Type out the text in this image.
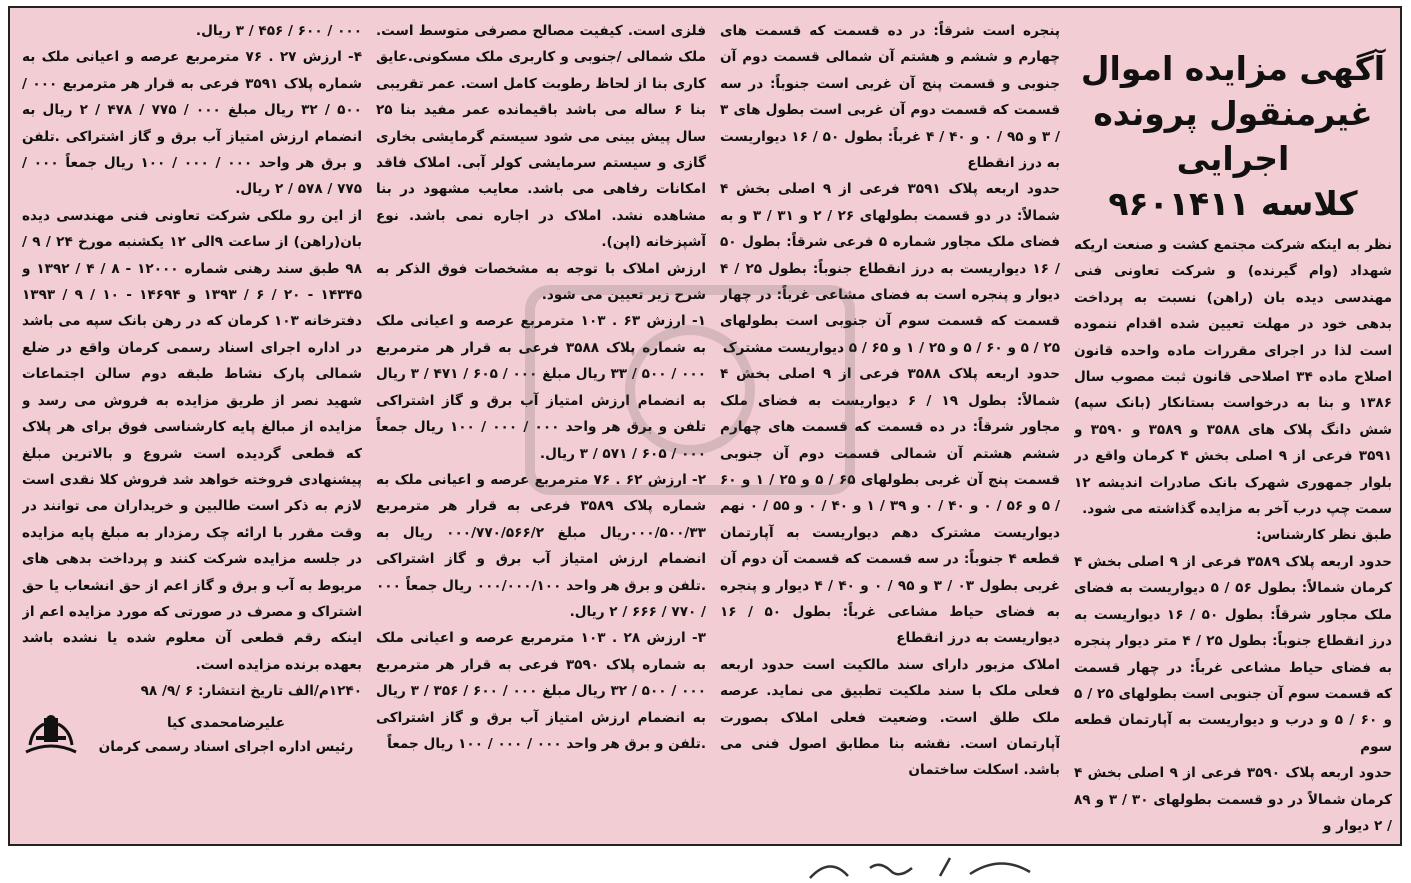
آگهی مزایده اموال
غیرمنقول پرونده اجرایی
کلاسه ۹۶۰۱۴۱۱

نظر به اینکه شرکت مجتمع کشت و صنعت اریکه شهداد (وام گیرنده) و شرکت تعاونی فنی مهندسی دیده بان (راهن) نسبت به پرداخت بدهی خود در مهلت تعیین شده اقدام ننموده است لذا در اجرای مقررات ماده واحده قانون اصلاح ماده ۳۴ اصلاحی قانون ثبت مصوب سال ۱۳۸۶ و بنا به درخواست بستانکار (بانک سپه) شش دانگ پلاک های ۳۵۸۸ و ۳۵۸۹ و ۳۵۹۰ و ۳۵۹۱ فرعی از ۹ اصلی بخش ۴ کرمان واقع در بلوار جمهوری شهرک بانک صادرات اندیشه ۱۲ سمت چپ درب آخر به مزایده گذاشته می شود.

طبق نظر کارشناس:

حدود اربعه پلاک ۳۵۸۹ فرعی از ۹ اصلی بخش ۴ کرمان شمالاً: بطول ۵۶ / ۵ دیواریست به فضای ملک مجاور شرقاً: بطول ۵۰ / ۱۶ دیواریست به درز انقطاع جنوباً: بطول ۲۵ / ۴ متر دیوار پنجره به فضای حیاط مشاعی غرباً: در چهار قسمت که قسمت سوم آن جنوبی است بطولهای ۲۵ / ۵ و ۶۰ / ۵ و درب و دیواریست به آپارتمان قطعه سوم

حدود اربعه پلاک ۳۵۹۰ فرعی از ۹ اصلی بخش ۴ کرمان شمالاً در دو قسمت بطولهای ۳۰ / ۳ و ۸۹ / ۲ دیوار و

پنجره است شرقاً: در ده قسمت که قسمت های چهارم و ششم و هشتم آن شمالی قسمت دوم آن جنوبی و قسمت پنج آن غربی است جنوباً: در سه قسمت که قسمت دوم آن غربی است بطول های ۳ / ۳ و ۹۵ / ۰ و ۴۰ / ۴ غرباً: بطول ۵۰ / ۱۶ دیواریست به درز انقطاع

حدود اربعه پلاک ۳۵۹۱ فرعی از ۹ اصلی بخش ۴ شمالاً: در دو قسمت بطولهای ۲۶ / ۲ و ۳۱ / ۳ و به فضای ملک مجاور شماره ۵ فرعی شرقاً: بطول ۵۰ / ۱۶ دیواریست به درز انقطاع جنوباً: بطول ۲۵ / ۴ دیوار و پنجره است به فضای مشاعی غرباً: در چهار قسمت که قسمت سوم آن جنوبی است بطولهای ۲۵ / ۵ و ۶۰ / ۵ و ۲۵ / ۱ و ۶۵ / ۵ دیواریست مشترک

حدود اربعه پلاک ۳۵۸۸ فرعی از ۹ اصلی بخش ۴ شمالاً: بطول ۱۹ / ۶ دیواریست به فضای ملک مجاور شرقاً: در ده قسمت که قسمت های چهارم ششم هشتم آن شمالی قسمت دوم آن جنوبی قسمت پنج آن غربی بطولهای ۶۵ / ۵ و ۲۵ / ۱ و ۶۰ / ۵ و ۵۶ / ۰ و ۴۰ / ۰ و ۳۹ / ۱ و ۴۰ / ۰ و ۵۵ / ۰ نهم دیواریست مشترک دهم دیواریست به آپارتمان قطعه ۴ جنوباً: در سه قسمت که قسمت آن دوم آن غربی بطول ۰۳ / ۳ و ۹۵ / ۰ و ۴۰ / ۴ دیوار و پنجره به فضای حیاط مشاعی غرباً: بطول ۵۰ / ۱۶ دیواریست به درز انقطاع

املاک مزبور دارای سند مالکیت است حدود اربعه فعلی ملک با سند ملکیت تطبیق می نماید. عرصه ملک طلق است. وضعیت فعلی املاک بصورت آپارتمان است. نقشه بنا مطابق اصول فنی می باشد. اسکلت ساختمان

فلزی است. کیفیت مصالح مصرفی متوسط است. ملک شمالی /جنوبی و کاربری ملک مسکونی.عایق کاری بنا از لحاظ رطوبت کامل است. عمر تقریبی بنا ۶ ساله می باشد باقیمانده عمر مفید بنا ۲۵ سال پیش بینی می شود سیستم گرمایشی بخاری گازی و سیستم سرمایشی کولر آبی. املاک فاقد امکانات رفاهی می باشد. معایب مشهود در بنا مشاهده نشد. املاک در اجاره نمی باشد. نوع آشپزخانه (اپن).

ارزش املاک با توجه به مشخصات فوق الذکر به شرح زیر تعیین می شود.

۱- ارزش ۶۳ . ۱۰۳ مترمربع عرصه و اعیانی ملک به شماره پلاک ۳۵۸۸ فرعی به قرار هر مترمربع ۰۰۰ / ۵۰۰ / ۳۳ ریال مبلغ ۰۰۰ / ۶۰۵ / ۴۷۱ / ۳ ریال به انضمام ارزش امتیاز آب برق و گاز اشتراکی تلفن و برق هر واحد ۰۰۰ / ۰۰۰ / ۱۰۰ ریال جمعاً ۰۰۰ / ۶۰۵ / ۵۷۱ / ۳ ریال.

۲- ارزش ۶۲ . ۷۶ مترمربع عرصه و اعیانی ملک به شماره پلاک ۳۵۸۹ فرعی به قرار هر مترمربع ۰۰۰/۵۰۰/۳۳ریال مبلغ ۰۰۰/۷۷۰/۵۶۶/۲ ریال به انضمام ارزش امتیاز آب برق و گاز اشتراکی .تلفن و برق هر واحد ۰۰۰/۰۰۰/۱۰۰ ریال جمعاً ۰۰۰ / ۷۷۰ / ۶۶۶ / ۲ ریال.

۳- ارزش ۲۸ . ۱۰۳ مترمربع عرصه و اعیانی ملک به شماره پلاک ۳۵۹۰ فرعی به قرار هر مترمربع ۰۰۰ / ۵۰۰ / ۳۲ ریال مبلغ ۰۰۰ / ۶۰۰ / ۳۵۶ / ۳ ریال به انضمام ارزش امتیاز آب برق و گاز اشتراکی .تلفن و برق هر واحد ۰۰۰ / ۰۰۰ / ۱۰۰ ریال جمعاً

۰۰۰ / ۶۰۰ / ۴۵۶ / ۳ ریال.

۴- ارزش ۲۷ . ۷۶ مترمربع عرصه و اعیانی ملک به شماره پلاک ۳۵۹۱ فرعی به قرار هر مترمربع ۰۰۰ / ۵۰۰ / ۳۲ ریال مبلغ ۰۰۰ / ۷۷۵ / ۴۷۸ / ۲ ریال به انضمام ارزش امتیاز آب برق و گاز اشتراکی .تلفن و برق هر واحد ۰۰۰ / ۰۰۰ / ۱۰۰ ریال جمعاً ۰۰۰ / ۷۷۵ / ۵۷۸ / ۲ ریال.

از این رو ملکی شرکت تعاونی فنی مهندسی دیده بان(راهن) از ساعت ۹الی ۱۲ یکشنبه مورخ ۲۴ / ۹ / ۹۸ طبق سند رهنی شماره ۱۲۰۰۰ - ۸ / ۴ / ۱۳۹۲ و ۱۴۳۴۵ - ۲۰ / ۶ / ۱۳۹۳ و ۱۴۶۹۴ - ۱۰ / ۹ / ۱۳۹۳ دفترخانه ۱۰۳ کرمان که در رهن بانک سپه می باشد در اداره اجرای اسناد رسمی کرمان واقع در ضلع شمالی پارک نشاط طبقه دوم سالن اجتماعات شهید نصر از طریق مزایده به فروش می رسد و مزایده از مبالغ پایه کارشناسی فوق برای هر پلاک که قطعی گردیده است شروع و بالاترین مبلغ پیشنهادی فروخته خواهد شد فروش کلا نقدی است لازم به ذکر است طالبین و خریداران می توانند در وقت مقرر با ارائه چک رمزدار به مبلغ پایه مزایده در جلسه مزایده شرکت کنند و پرداخت بدهی های مربوط به آب و برق و گاز اعم از حق انشعاب یا حق اشتراک و مصرف در صورتی که مورد مزایده اعم از اینکه رقم قطعی آن معلوم شده یا نشده باشد بعهده برنده مزایده است.

۱۲۴۰م/الف تاریخ انتشار: ۶ /۹/ ۹۸

علیرضامحمدی کیا
رئیس اداره اجرای اسناد رسمی کرمان
